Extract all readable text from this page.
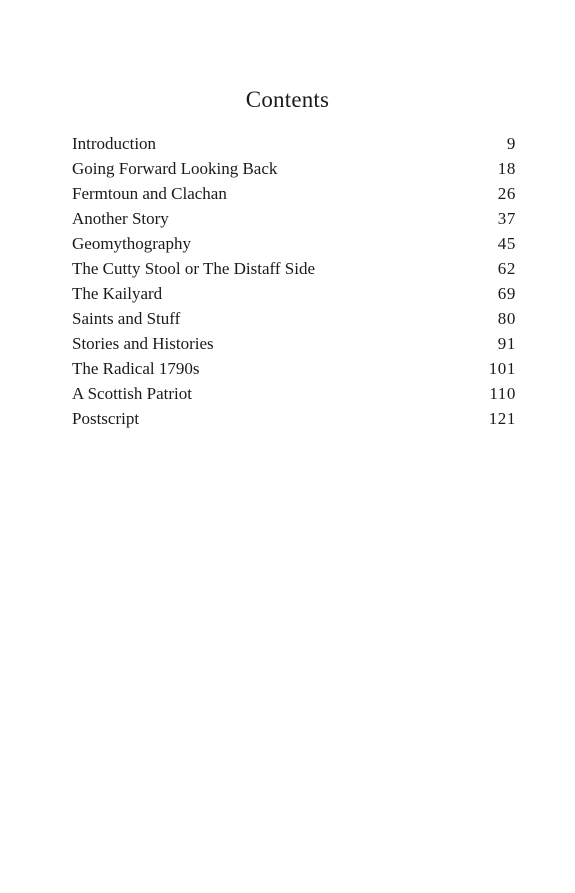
Contents
Introduction	9
Going Forward Looking Back	18
Fermtoun and Clachan	26
Another Story	37
Geomythography	45
The Cutty Stool or The Distaff Side	62
The Kailyard	69
Saints and Stuff	80
Stories and Histories	91
The Radical 1790s	101
A Scottish Patriot	110
Postscript	121
